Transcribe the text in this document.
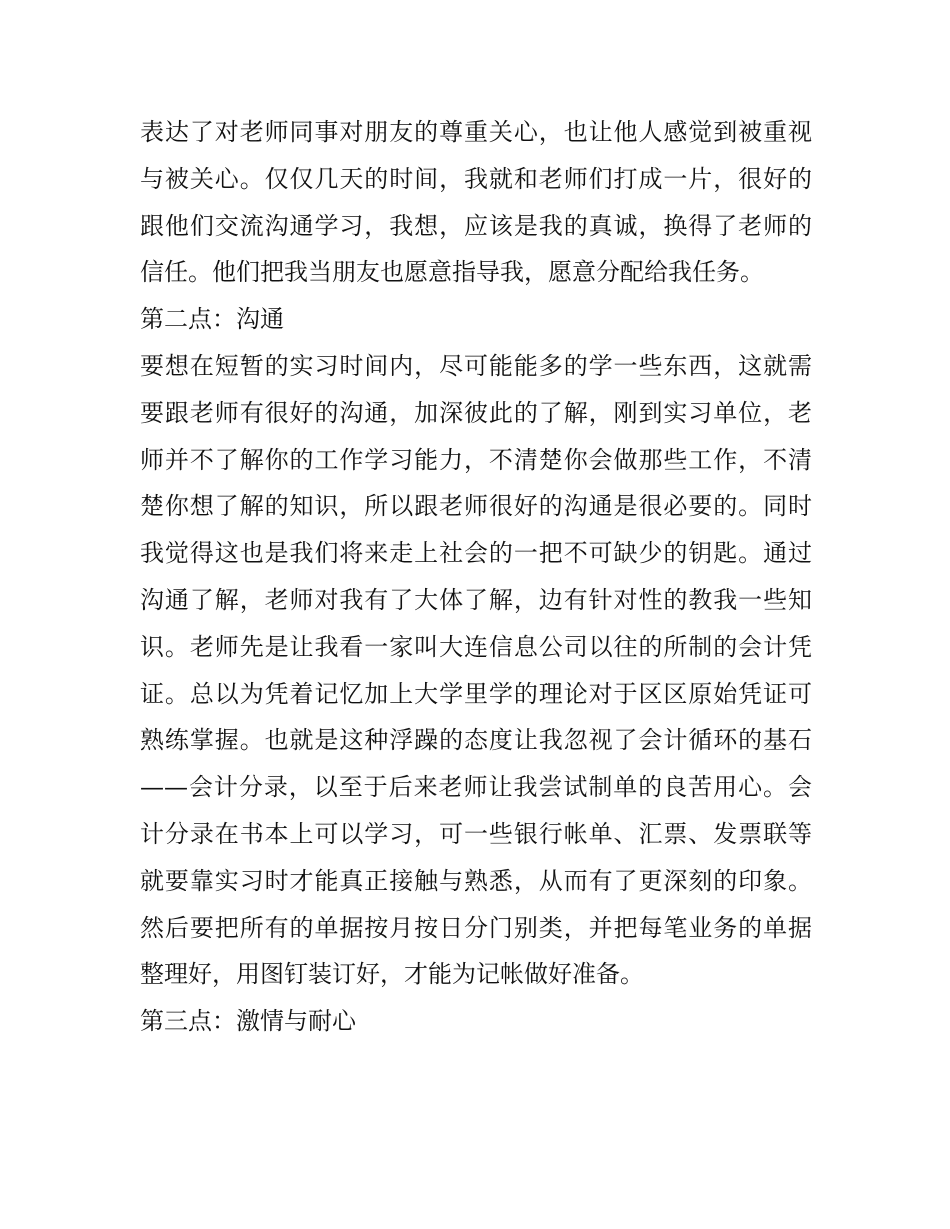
表达了对老师同事对朋友的尊重关心，也让他人感觉到被重视
与被关心。仅仅几天的时间，我就和老师们打成一片，很好的
跟他们交流沟通学习，我想，应该是我的真诚，换得了老师的
信任。他们把我当朋友也愿意指导我，愿意分配给我任务。
第二点：沟通
要想在短暂的实习时间内，尽可能能多的学一些东西，这就需
要跟老师有很好的沟通，加深彼此的了解，刚到实习单位，老
师并不了解你的工作学习能力，不清楚你会做那些工作，不清
楚你想了解的知识，所以跟老师很好的沟通是很必要的。同时
我觉得这也是我们将来走上社会的一把不可缺少的钥匙。通过
沟通了解，老师对我有了大体了解，边有针对性的教我一些知
识。老师先是让我看一家叫大连信息公司以往的所制的会计凭
证。总以为凭着记忆加上大学里学的理论对于区区原始凭证可
熟练掌握。也就是这种浮躁的态度让我忽视了会计循环的基石
——会计分录，以至于后来老师让我尝试制单的良苦用心。会
计分录在书本上可以学习，可一些银行帐单、汇票、发票联等
就要靠实习时才能真正接触与熟悉，从而有了更深刻的印象。
然后要把所有的单据按月按日分门别类，并把每笔业务的单据
整理好，用图钉装订好，才能为记帐做好准备。
第三点：激情与耐心
